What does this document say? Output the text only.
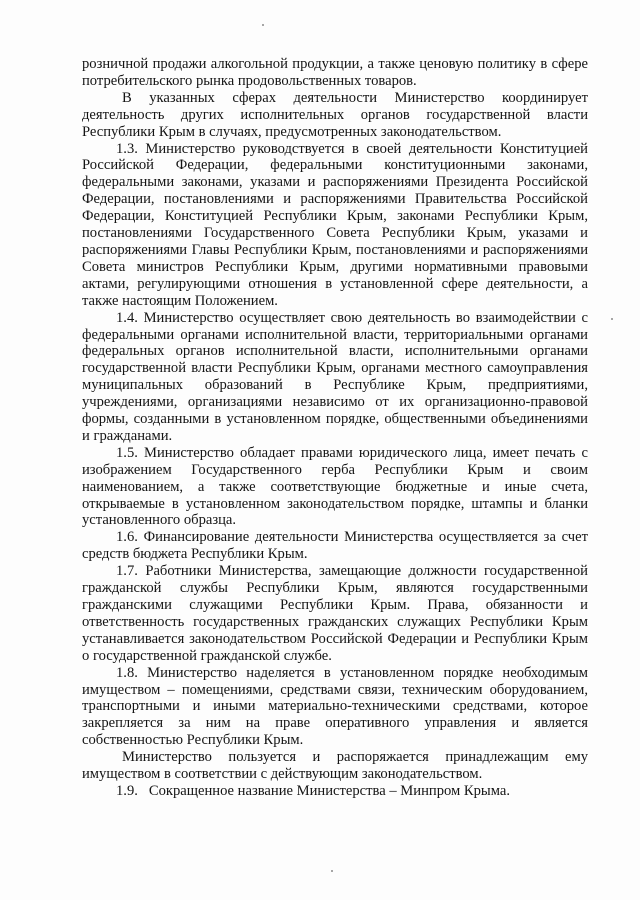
розничной продажи алкогольной продукции, а также ценовую политику в сфере потребительского рынка продовольственных товаров.

В указанных сферах деятельности Министерство координирует деятельность других исполнительных органов государственной власти Республики Крым в случаях, предусмотренных законодательством.

1.3. Министерство руководствуется в своей деятельности Конституцией Российской Федерации, федеральными конституционными законами, федеральными законами, указами и распоряжениями Президента Российской Федерации, постановлениями и распоряжениями Правительства Российской Федерации, Конституцией Республики Крым, законами Республики Крым, постановлениями Государственного Совета Республики Крым, указами и распоряжениями Главы Республики Крым, постановлениями и распоряжениями Совета министров Республики Крым, другими нормативными правовыми актами, регулирующими отношения в установленной сфере деятельности, а также настоящим Положением.

1.4. Министерство осуществляет свою деятельность во взаимодействии с федеральными органами исполнительной власти, территориальными органами федеральных органов исполнительной власти, исполнительными органами государственной власти Республики Крым, органами местного самоуправления муниципальных образований в Республике Крым, предприятиями, учреждениями, организациями независимо от их организационно-правовой формы, созданными в установленном порядке, общественными объединениями и гражданами.

1.5. Министерство обладает правами юридического лица, имеет печать с изображением Государственного герба Республики Крым и своим наименованием, а также соответствующие бюджетные и иные счета, открываемые в установленном законодательством порядке, штампы и бланки установленного образца.

1.6. Финансирование деятельности Министерства осуществляется за счет средств бюджета Республики Крым.

1.7. Работники Министерства, замещающие должности государственной гражданской службы Республики Крым, являются государственными гражданскими служащими Республики Крым. Права, обязанности и ответственность государственных гражданских служащих Республики Крым устанавливается законодательством Российской Федерации и Республики Крым о государственной гражданской службе.

1.8. Министерство наделяется в установленном порядке необходимым имуществом – помещениями, средствами связи, техническим оборудованием, транспортными и иными материально-техническими средствами, которое закрепляется за ним на праве оперативного управления и является собственностью Республики Крым.

Министерство пользуется и распоряжается принадлежащим ему имуществом в соответствии с действующим законодательством.

1.9.   Сокращенное название Министерства – Минпром Крыма.
